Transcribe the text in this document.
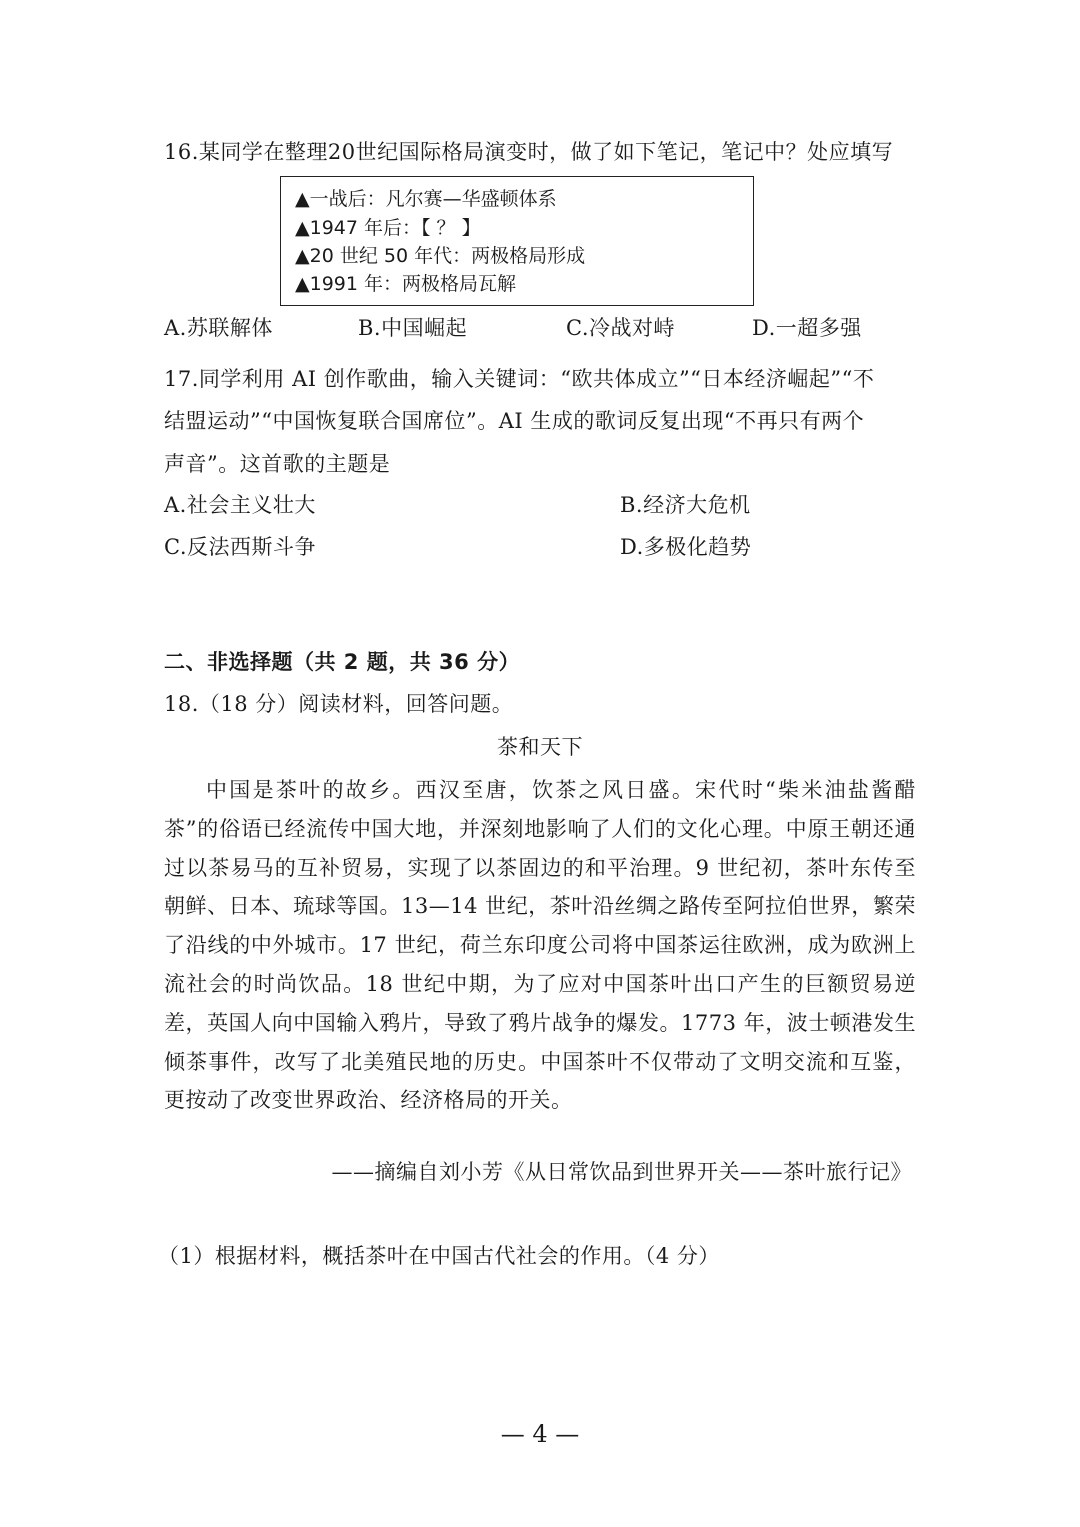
16.某同学在整理20世纪国际格局演变时，做了如下笔记，笔记中？处应填写
▲一战后：凡尔赛—华盛顿体系
▲1947 年后：【 ？ 】
▲20 世纪 50 年代：两极格局形成
▲1991 年：两极格局瓦解
A.苏联解体	B.中国崛起	C.冷战对峙	D.一超多强
17.同学利用 AI 创作歌曲，输入关键词：“欧共体成立”“日本经济崛起”“不
结盟运动”“中国恢复联合国席位”。AI 生成的歌词反复出现“不再只有两个
声音”。这首歌的主题是
A.社会主义壮大	B.经济大危机
C.反法西斯斗争	D.多极化趋势
二、非选择题（共 2 题，共 36 分）
18.（18 分）阅读材料，回答问题。
茶和天下
中国是茶叶的故乡。西汉至唐，饮茶之风日盛。宋代时“柴米油盐酱醋茶”的俗语已经流传中国大地，并深刻地影响了人们的文化心理。中原王朝还通过以茶易马的互补贸易，实现了以茶固边的和平治理。9 世纪初，茶叶东传至朝鲜、日本、琉球等国。13—14 世纪，茶叶沿丝绸之路传至阿拉伯世界，繁荣了沿线的中外城市。17 世纪，荷兰东印度公司将中国茶运往欧洲，成为欧洲上流社会的时尚饮品。18 世纪中期，为了应对中国茶叶出口产生的巨额贸易逆差，英国人向中国输入鸦片，导致了鸦片战争的爆发。1773 年，波士顿港发生倾茶事件，改写了北美殖民地的历史。中国茶叶不仅带动了文明交流和互鉴，更按动了改变世界政治、经济格局的开关。
——摘编自刘小芳《从日常饮品到世界开关——茶叶旅行记》
（1）根据材料，概括茶叶在中国古代社会的作用。（4 分）
— 4 —
